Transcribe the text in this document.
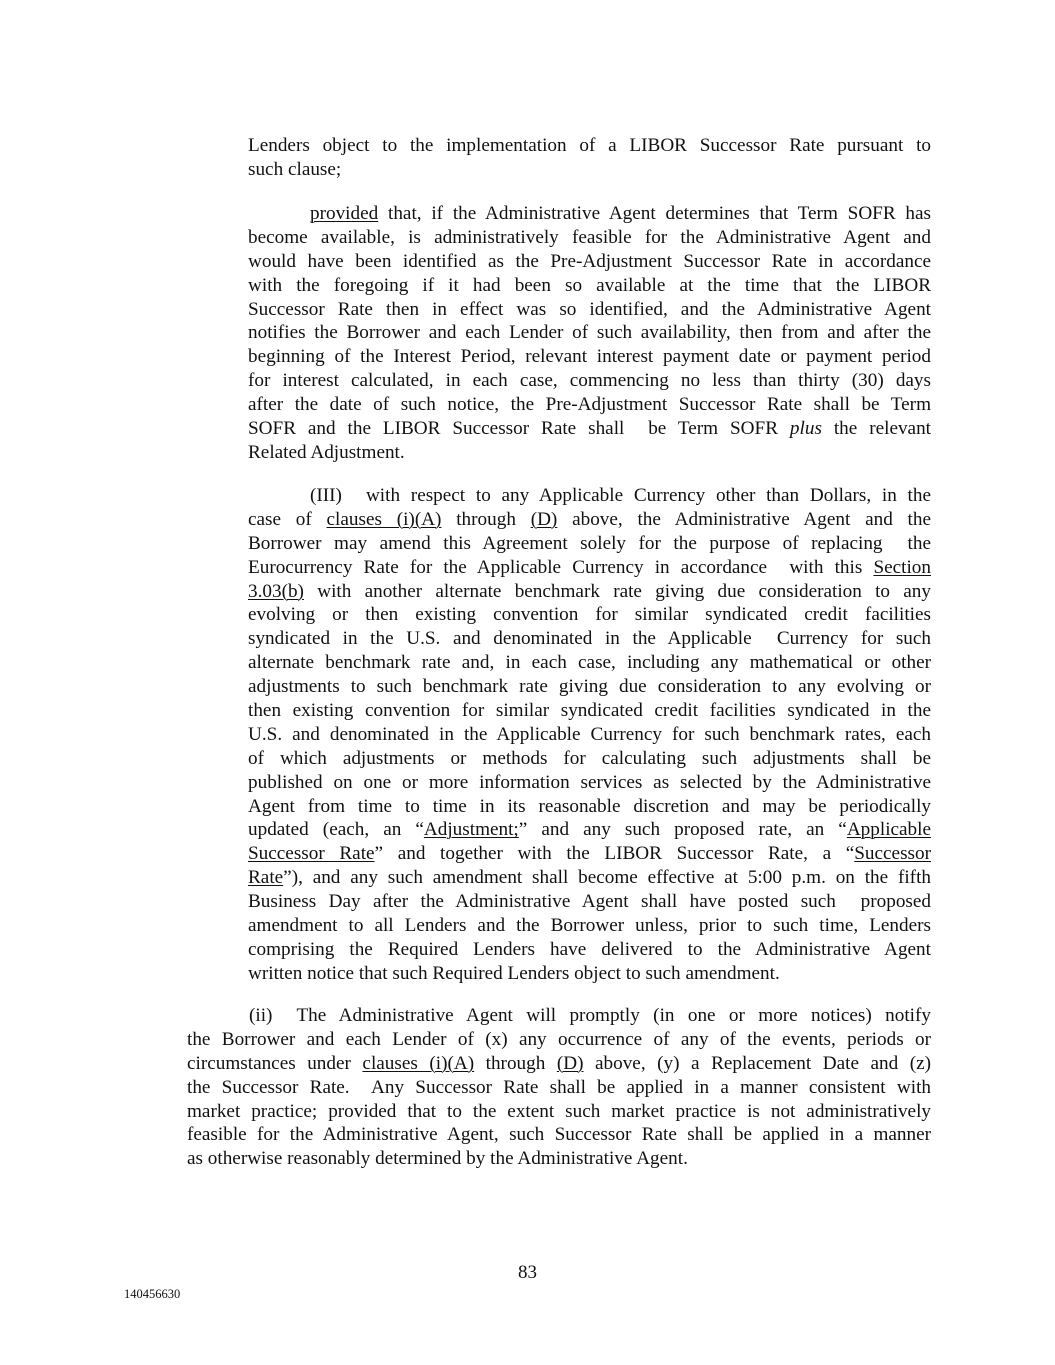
Lenders object to the implementation of a LIBOR Successor Rate pursuant to
such clause;
provided that, if the Administrative Agent determines that Term SOFR has
become available, is administratively feasible for the Administrative Agent and
would have been identified as the Pre-Adjustment Successor Rate in accordance
with the foregoing if it had been so available at the time that the LIBOR
Successor Rate then in effect was so identified, and the Administrative Agent
notifies the Borrower and each Lender of such availability, then from and after the
beginning of the Interest Period, relevant interest payment date or payment period
for interest calculated, in each case, commencing no less than thirty (30) days
after the date of such notice, the Pre-Adjustment Successor Rate shall be Term
SOFR and the LIBOR Successor Rate shall  be Term SOFR plus the relevant
Related Adjustment.
(III) with respect to any Applicable Currency other than Dollars, in the
case of clauses (i)(A) through (D) above, the Administrative Agent and the
Borrower may amend this Agreement solely for the purpose of replacing  the
Eurocurrency Rate for the Applicable Currency in accordance  with this Section
3.03(b) with another alternate benchmark rate giving due consideration to any
evolving or then existing convention for similar syndicated credit facilities
syndicated in the U.S. and denominated in the Applicable  Currency for such
alternate benchmark rate and, in each case, including any mathematical or other
adjustments to such benchmark rate giving due consideration to any evolving or
then existing convention for similar syndicated credit facilities syndicated in the
U.S. and denominated in the Applicable Currency for such benchmark rates, each
of which adjustments or methods for calculating such adjustments shall be
published on one or more information services as selected by the Administrative
Agent from time to time in its reasonable discretion and may be periodically
updated (each, an “Adjustment;” and any such proposed rate, an “Applicable
Successor Rate” and together with the LIBOR Successor Rate, a “Successor
Rate”), and any such amendment shall become effective at 5:00 p.m. on the fifth
Business Day after the Administrative Agent shall have posted such  proposed
amendment to all Lenders and the Borrower unless, prior to such time, Lenders
comprising the Required Lenders have delivered to the Administrative Agent
written notice that such Required Lenders object to such amendment.
(ii) The Administrative Agent will promptly (in one or more notices) notify
the Borrower and each Lender of (x) any occurrence of any of the events, periods or
circumstances under clauses (i)(A) through (D) above, (y) a Replacement Date and (z)
the Successor Rate.  Any Successor Rate shall be applied in a manner consistent with
market practice; provided that to the extent such market practice is not administratively
feasible for the Administrative Agent, such Successor Rate shall be applied in a manner
as otherwise reasonably determined by the Administrative Agent.
83
140456630
